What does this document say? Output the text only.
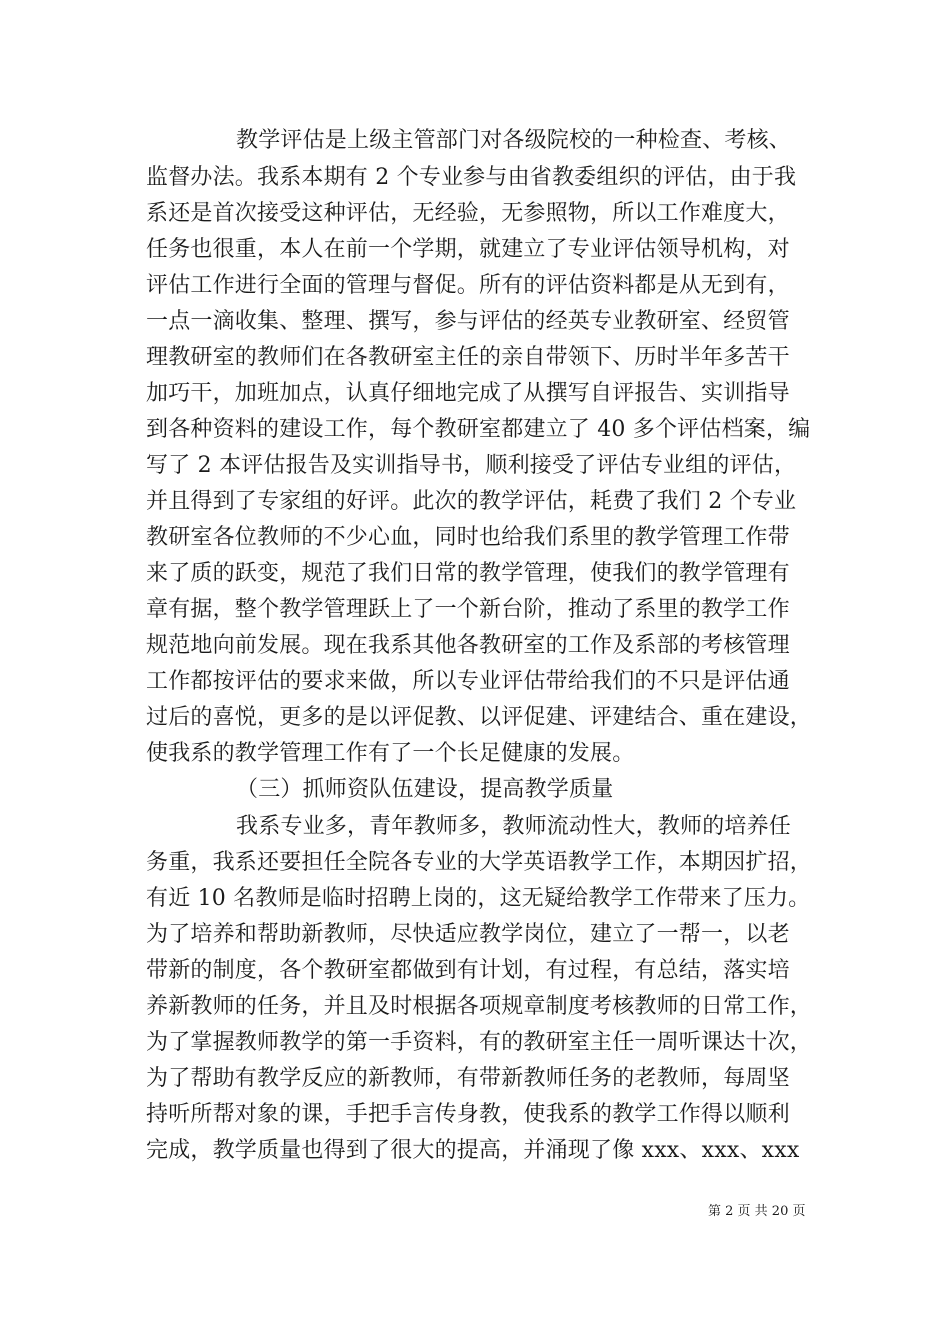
教学评估是上级主管部门对各级院校的一种检查、考核、
监督办法。我系本期有 2 个专业参与由省教委组织的评估，由于我
系还是首次接受这种评估，无经验，无参照物，所以工作难度大，
任务也很重，本人在前一个学期，就建立了专业评估领导机构，对
评估工作进行全面的管理与督促。所有的评估资料都是从无到有，
一点一滴收集、整理、撰写，参与评估的经英专业教研室、经贸管
理教研室的教师们在各教研室主任的亲自带领下、历时半年多苦干
加巧干，加班加点，认真仔细地完成了从撰写自评报告、实训指导
到各种资料的建设工作，每个教研室都建立了 40 多个评估档案，编
写了 2 本评估报告及实训指导书，顺利接受了评估专业组的评估，
并且得到了专家组的好评。此次的教学评估，耗费了我们 2 个专业
教研室各位教师的不少心血，同时也给我们系里的教学管理工作带
来了质的跃变，规范了我们日常的教学管理，使我们的教学管理有
章有据，整个教学管理跃上了一个新台阶，推动了系里的教学工作
规范地向前发展。现在我系其他各教研室的工作及系部的考核管理
工作都按评估的要求来做，所以专业评估带给我们的不只是评估通
过后的喜悦，更多的是以评促教、以评促建、评建结合、重在建设，
使我系的教学管理工作有了一个长足健康的发展。
（三）抓师资队伍建设，提高教学质量
我系专业多，青年教师多，教师流动性大，教师的培养任
务重，我系还要担任全院各专业的大学英语教学工作，本期因扩招，
有近 10 名教师是临时招聘上岗的，这无疑给教学工作带来了压力。
为了培养和帮助新教师，尽快适应教学岗位，建立了一帮一，以老
带新的制度，各个教研室都做到有计划，有过程，有总结，落实培
养新教师的任务，并且及时根据各项规章制度考核教师的日常工作，
为了掌握教师教学的第一手资料，有的教研室主任一周听课达十次，
为了帮助有教学反应的新教师，有带新教师任务的老教师，每周坚
持听所帮对象的课，手把手言传身教，使我系的教学工作得以顺利
完成，教学质量也得到了很大的提高，并涌现了像 xxx、xxx、xxx
第 2 页 共 20 页
